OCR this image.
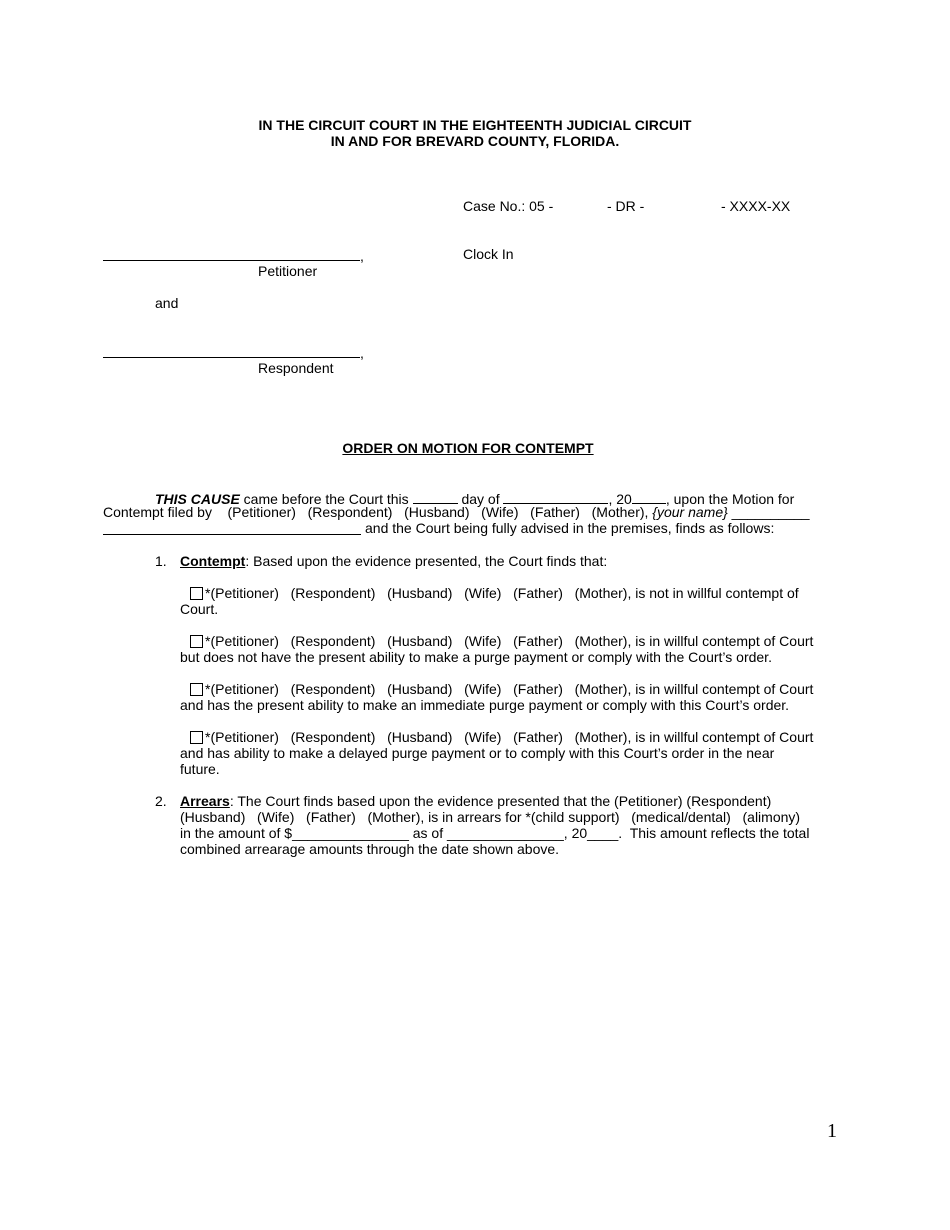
IN THE CIRCUIT COURT IN THE EIGHTEENTH JUDICIAL CIRCUIT
IN AND FOR BREVARD COUNTY, FLORIDA.
Case No.: 05 -	- DR -	- XXXX-XX
Clock In
,
Petitioner
and
,
Respondent
ORDER ON MOTION FOR CONTEMPT
THIS CAUSE came before the Court this	day of	, 20 , upon the Motion for
Contempt filed by    (Petitioner)   (Respondent)   (Husband)   (Wife)   (Father)   (Mother), {your name} __________
and the Court being fully advised in the premises, finds as follows:
1. Contempt: Based upon the evidence presented, the Court finds that:
*(Petitioner)   (Respondent)   (Husband)   (Wife)   (Father)   (Mother), is not in willful contempt of
Court.
*(Petitioner)   (Respondent)   (Husband)   (Wife)   (Father)   (Mother), is in willful contempt of Court
but does not have the present ability to make a purge payment or comply with the Court’s order.
*(Petitioner)   (Respondent)   (Husband)   (Wife)   (Father)   (Mother), is in willful contempt of Court
and has the present ability to make an immediate purge payment or comply with this Court’s order.
*(Petitioner)   (Respondent)   (Husband)   (Wife)   (Father)   (Mother), is in willful contempt of Court
and has ability to make a delayed purge payment or to comply with this Court’s order in the near
future.
2. Arrears: The Court finds based upon the evidence presented that the (Petitioner) (Respondent)
(Husband)   (Wife)   (Father)   (Mother), is in arrears for *(child support)   (medical/dental)   (alimony)
in the amount of $_______________ as of _______________, 20____.  This amount reflects the total
combined arrearage amounts through the date shown above.
1
